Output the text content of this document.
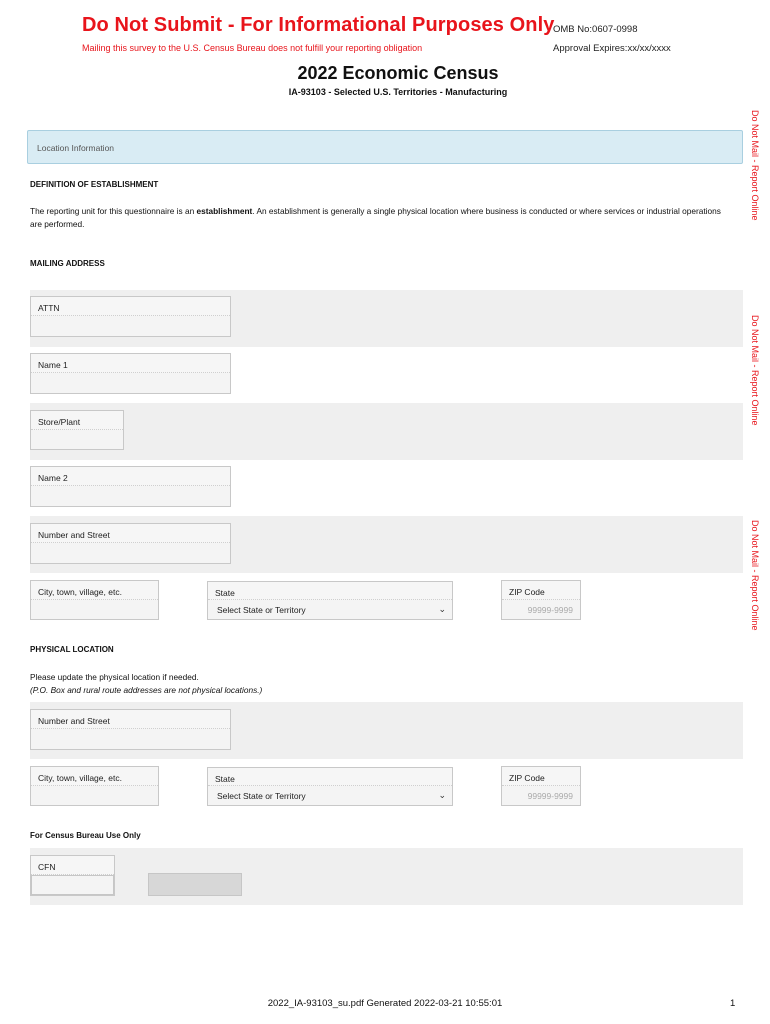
Do Not Submit - For Informational Purposes Only
Mailing this survey to the U.S. Census Bureau does not fulfill your reporting obligation
OMB No:0607-0998
Approval Expires:xx/xx/xxxx
2022 Economic Census
IA-93103 - Selected U.S. Territories - Manufacturing
Do Not Mail - Report Online
Do Not Mail - Report Online
Do Not Mail - Report Online
Location Information
DEFINITION OF ESTABLISHMENT
The reporting unit for this questionnaire is an establishment. An establishment is generally a single physical location where business is conducted or where services or industrial operations are performed.
MAILING ADDRESS
ATTN
Name 1
Store/Plant
Name 2
Number and Street
City, town, village, etc.	State
Select State or Territory	⌄
ZIP Code
99999-9999
PHYSICAL LOCATION
Please update the physical location if needed.
(P.O. Box and rural route addresses are not physical locations.)
Number and Street
City, town, village, etc.	State
Select State or Territory	⌄
ZIP Code
99999-9999
For Census Bureau Use Only
CFN
2022_IA-93103_su.pdf Generated 2022-03-21 10:55:01	1
